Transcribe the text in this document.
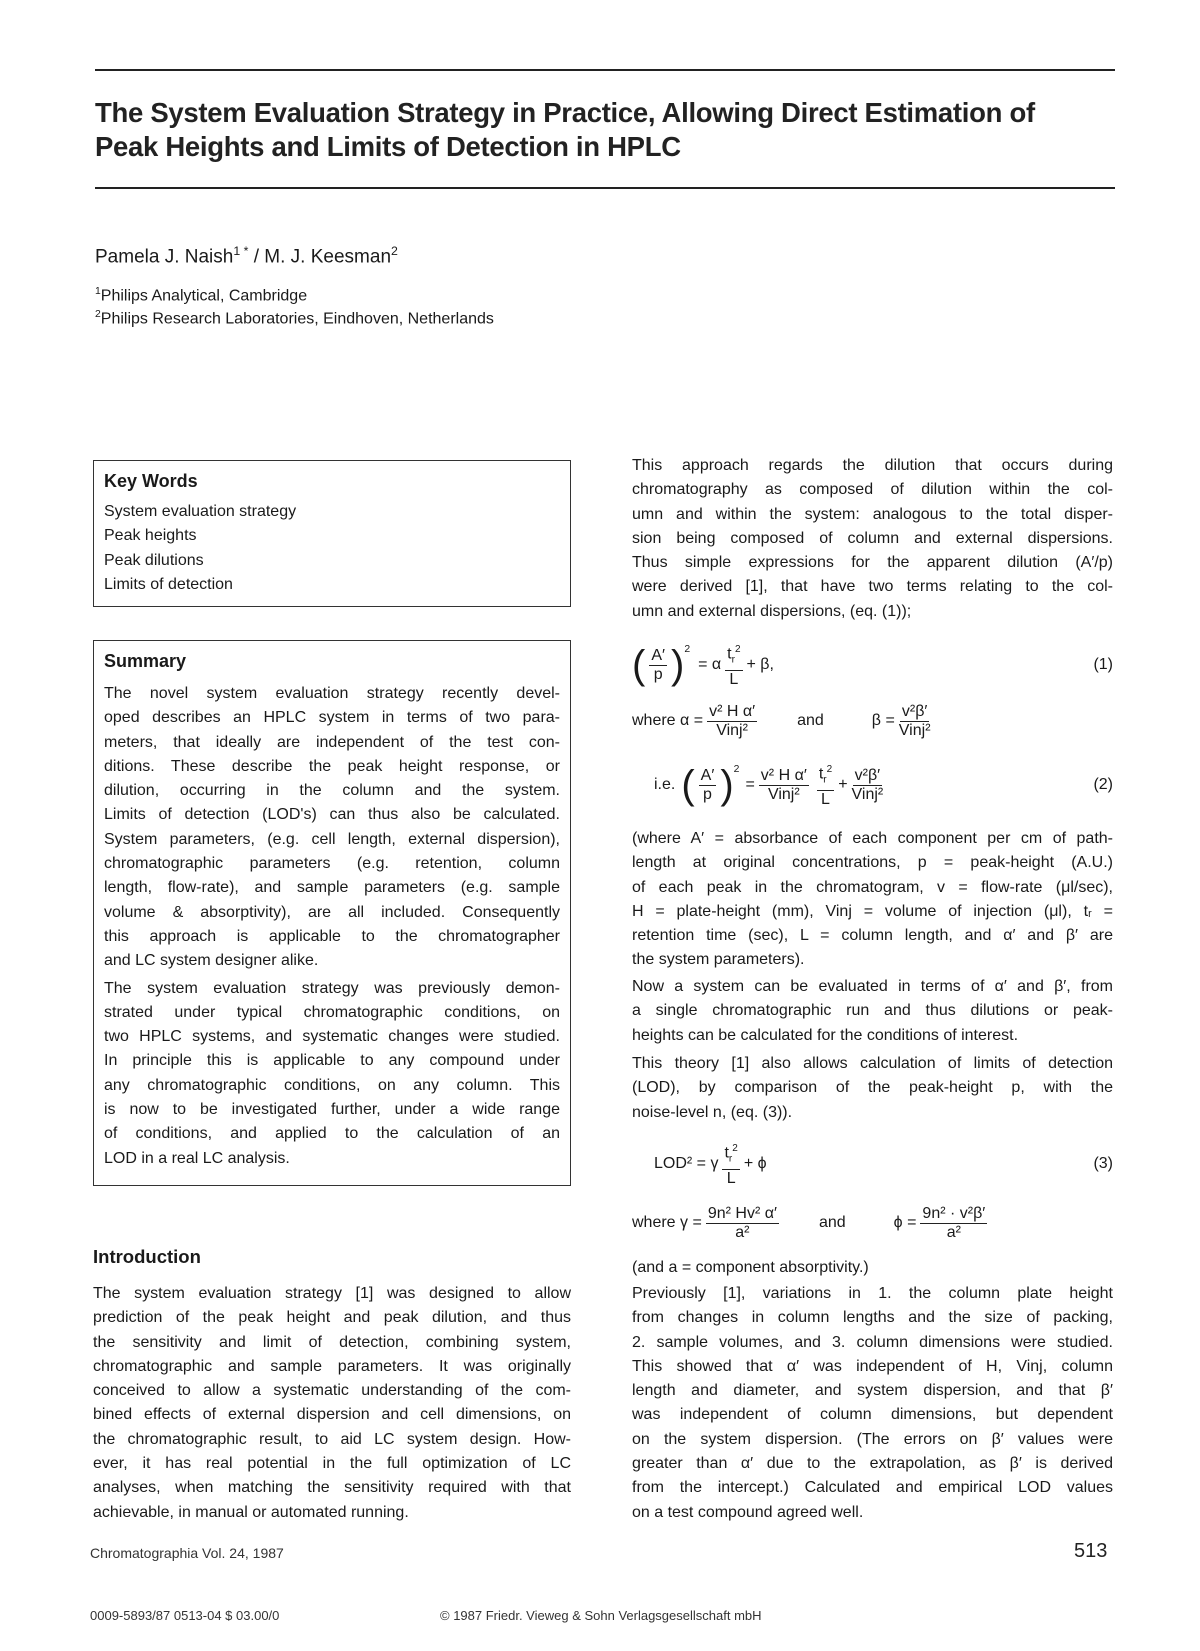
The System Evaluation Strategy in Practice, Allowing Direct Estimation of
Peak Heights and Limits of Detection in HPLC
Pamela J. Naish$^{1 *}$ / M. J. Keesman$^2$
$^1$Philips Analytical, Cambridge
$^2$Philips Research Laboratories, Eindhoven, Netherlands
Key Words
System evaluation strategy
Peak heights
Peak dilutions
Limits of detection
Summary
The novel system evaluation strategy recently devel-
oped describes an HPLC system in terms of two para-
meters, that ideally are independent of the test con-
ditions. These describe the peak height response, or
dilution, occurring in the column and the system.
Limits of detection (LOD's) can thus also be calculated.
System parameters, (e.g. cell length, external dispersion),
chromatographic parameters (e.g. retention, column
length, flow-rate), and sample parameters (e.g. sample
volume & absorptivity), are all included. Consequently
this approach is applicable to the chromatographer
and LC system designer alike.
The system evaluation strategy was previously demon-
strated under typical chromatographic conditions, on
two HPLC systems, and systematic changes were studied.
In principle this is applicable to any compound under
any chromatographic conditions, on any column. This
is now to be investigated further, under a wide range
of conditions, and applied to the calculation of an
LOD in a real LC analysis.
Introduction
The system evaluation strategy [1] was designed to allow
prediction of the peak height and peak dilution, and thus
the sensitivity and limit of detection, combining system,
chromatographic and sample parameters. It was originally
conceived to allow a systematic understanding of the com-
bined effects of external dispersion and cell dimensions, on
the chromatographic result, to aid LC system design. How-
ever, it has real potential in the full optimization of LC
analyses, when matching the sensitivity required with that
achievable, in manual or automated running.
This approach regards the dilution that occurs during
chromatography as composed of dilution within the col-
umn and within the system: analogous to the total disper-
sion being composed of column and external dispersions.
Thus simple expressions for the apparent dilution (A′/p)
were derived [1], that have two terms relating to the col-
umn and external dispersions, (eq. (1));
( $\frac{A'}{p} )^2$
= α $\frac{t_r^2}{L} + \beta$,	(1)
where $\alpha = \frac{\text{v² H α′}}{\text{Vinj²}}$	and	$\beta = \frac{\text{v²β′}}{\text{Vinj²}}$
i.e. ( $\frac{A'}{p} )^2$
= $\frac{\text{v² H α′}}{\text{Vinj²}} \frac{t_r^2}{L} + \frac{\text{v²β′}}{\text{Vinj²}}$	(2)
(where A′ = absorbance of each component per cm of path-
length at original concentrations, p = peak-height (A.U.)
of each peak in the chromatogram, v = flow-rate (μl/sec),
H = plate-height (mm), Vinj = volume of injection (μl), tᵣ =
retention time (sec), L = column length, and α′ and β′ are
the system parameters).
Now a system can be evaluated in terms of α′ and β′, from
a single chromatographic run and thus dilutions or peak-
heights can be calculated for the conditions of interest.
This theory [1] also allows calculation of limits of detection
(LOD), by comparison of the peak-height p, with the
noise-level n, (eq. (3)).
LOD² = γ $\frac{t_r^2}{L} + \phi$	(3)
where $\gamma = \frac{\text{9n² Hv² α′}}{\text{a²}}$	and	$\phi = \frac{\text{9n² · v²β′}}{\text{a²}}$
(and a = component absorptivity.)
Previously [1], variations in 1. the column plate height
from changes in column lengths and the size of packing,
2. sample volumes, and 3. column dimensions were studied.
This showed that α′ was independent of H, Vinj, column
length and diameter, and system dispersion, and that β′
was independent of column dimensions, but dependent
on the system dispersion. (The errors on β′ values were
greater than α′ due to the extrapolation, as β′ is derived
from the intercept.) Calculated and empirical LOD values
on a test compound agreed well.
Chromatographia Vol. 24, 1987	513
0009-5893/87 0513-04 $ 03.00/0	© 1987 Friedr. Vieweg & Sohn Verlagsgesellschaft mbH
